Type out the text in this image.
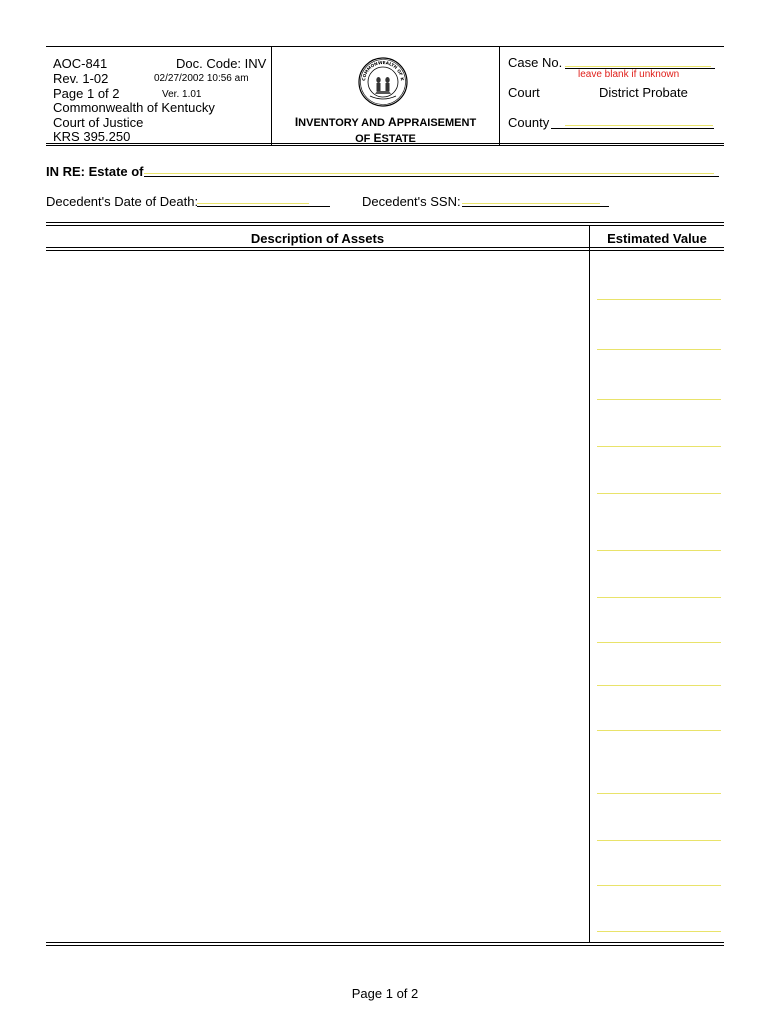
AOC-841	Doc. Code: INV
Rev. 1-02	02/27/2002 10:56 am
Page 1 of 2	Ver. 1.01
Commonwealth of Kentucky
Court of Justice
KRS 395.250
COMMONWEALTH OF K
INVENTORY AND APPRAISEMENT
OF ESTATE
Case No.
leave blank if unknown
Court	District Probate
County
IN RE: Estate of
Decedent's Date of Death:	Decedent's SSN:
Description of Assets	Estimated Value
Page 1 of 2
